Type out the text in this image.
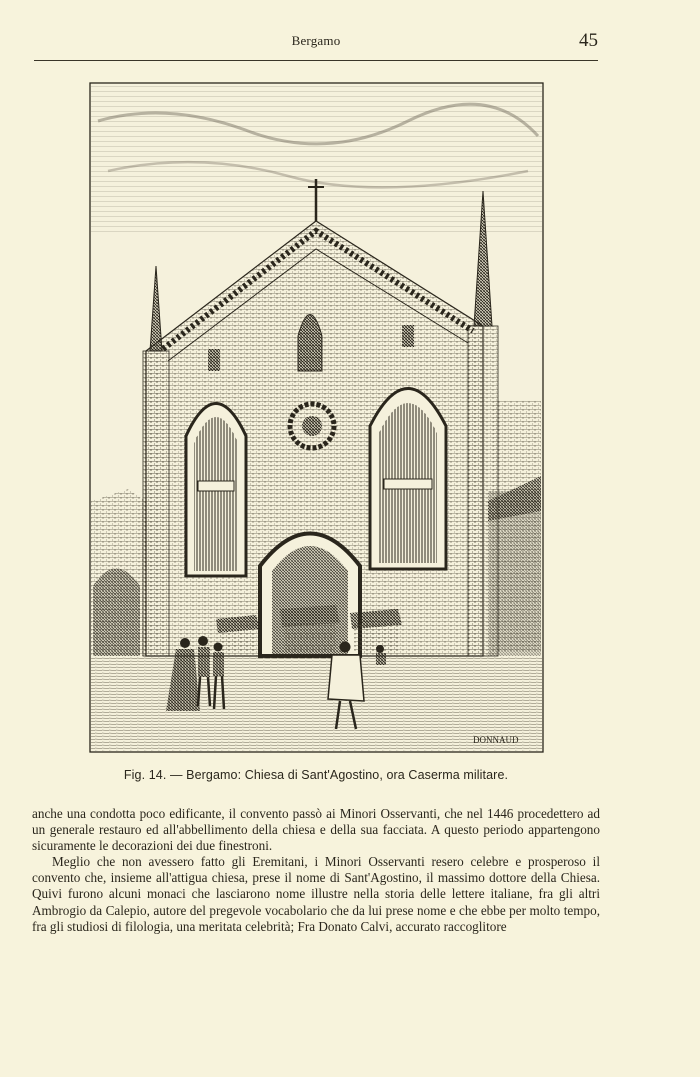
Bergamo	45
DONNAUD
Fig. 14. — Bergamo: Chiesa di Sant'Agostino, ora Caserma militare.

anche una condotta poco edificante, il convento passò ai Minori Osservanti, che nel 1446 procedettero ad un generale restauro ed all'abbellimento della chiesa e della sua facciata. A questo periodo appartengono sicuramente le decorazioni dei due finestroni.

Meglio che non avessero fatto gli Eremitani, i Minori Osservanti resero celebre e prosperoso il convento che, insieme all'attigua chiesa, prese il nome di Sant'Agostino, il massimo dottore della Chiesa. Quivi furono alcuni monaci che lasciarono nome illustre nella storia delle lettere italiane, fra gli altri Ambrogio da Calepio, autore del pregevole vocabolario che da lui prese nome e che ebbe per molto tempo, fra gli studiosi di filologia, una meritata celebrità; Fra Donato Calvi, accurato raccoglitore
